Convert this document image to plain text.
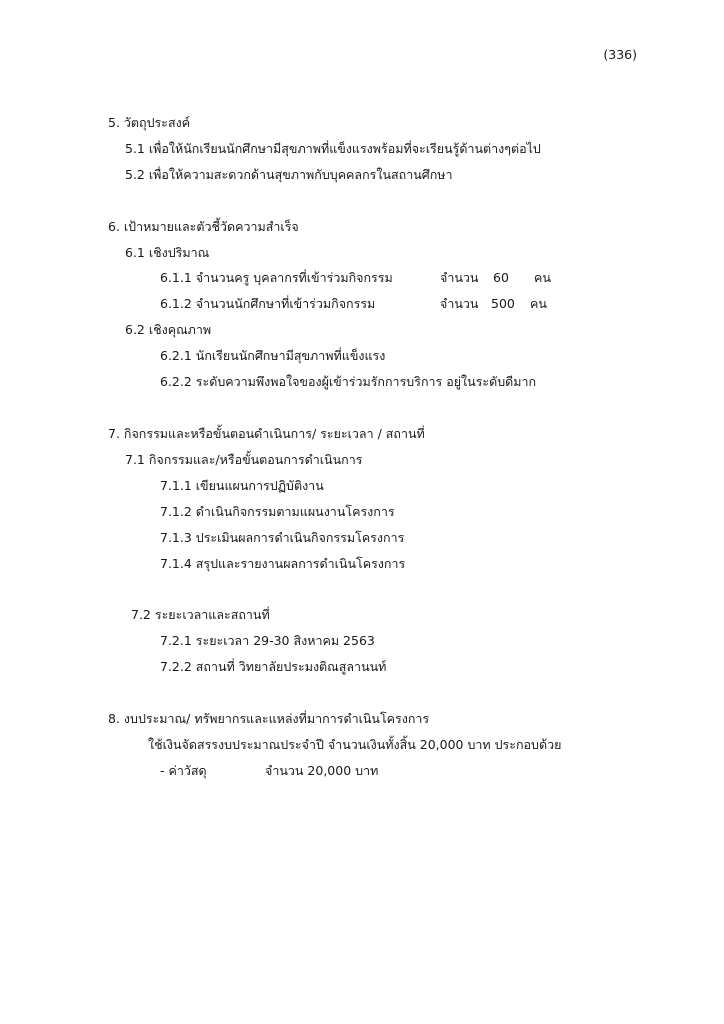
(336)
5. วัตถุประสงค์
5.1 เพื่อให้นักเรียนนักศึกษามีสุขภาพที่แข็งแรงพร้อมที่จะเรียนรู้ด้านต่างๆต่อไป
5.2 เพื่อให้ความสะดวกด้านสุขภาพกับบุคคลกรในสถานศึกษา
6. เป้าหมายและตัวชี้วัดความสำเร็จ
6.1 เชิงปริมาณ
6.1.1 จำนวนครู บุคลากรที่เข้าร่วมกิจกรรม	จำนวน 60 คน
6.1.2 จำนวนนักศึกษาที่เข้าร่วมกิจกรรม	จำนวน 500 คน
6.2 เชิงคุณภาพ
6.2.1 นักเรียนนักศึกษามีสุขภาพที่แข็งแรง
6.2.2 ระดับความพึงพอใจของผู้เข้าร่วมรักการบริการ อยู่ในระดับดีมาก
7. กิจกรรมและหรือขั้นตอนดำเนินการ/ ระยะเวลา / สถานที่
7.1 กิจกรรมและ/หรือขั้นตอนการดำเนินการ
7.1.1 เขียนแผนการปฏิบัติงาน
7.1.2 ดำเนินกิจกรรมตามแผนงานโครงการ
7.1.3 ประเมินผลการดำเนินกิจกรรมโครงการ
7.1.4 สรุปและรายงานผลการดำเนินโครงการ
7.2 ระยะเวลาและสถานที่
7.2.1 ระยะเวลา 29-30 สิงหาคม 2563
7.2.2 สถานที่ วิทยาลัยประมงติณสูลานนท์
8. งบประมาณ/ ทรัพยากรและแหล่งที่มาการดำเนินโครงการ
ใช้เงินจัดสรรงบประมาณประจำปี จำนวนเงินทั้งสิ้น 20,000 บาท ประกอบด้วย
- ค่าวัสดุ	จำนวน 20,000 บาท
